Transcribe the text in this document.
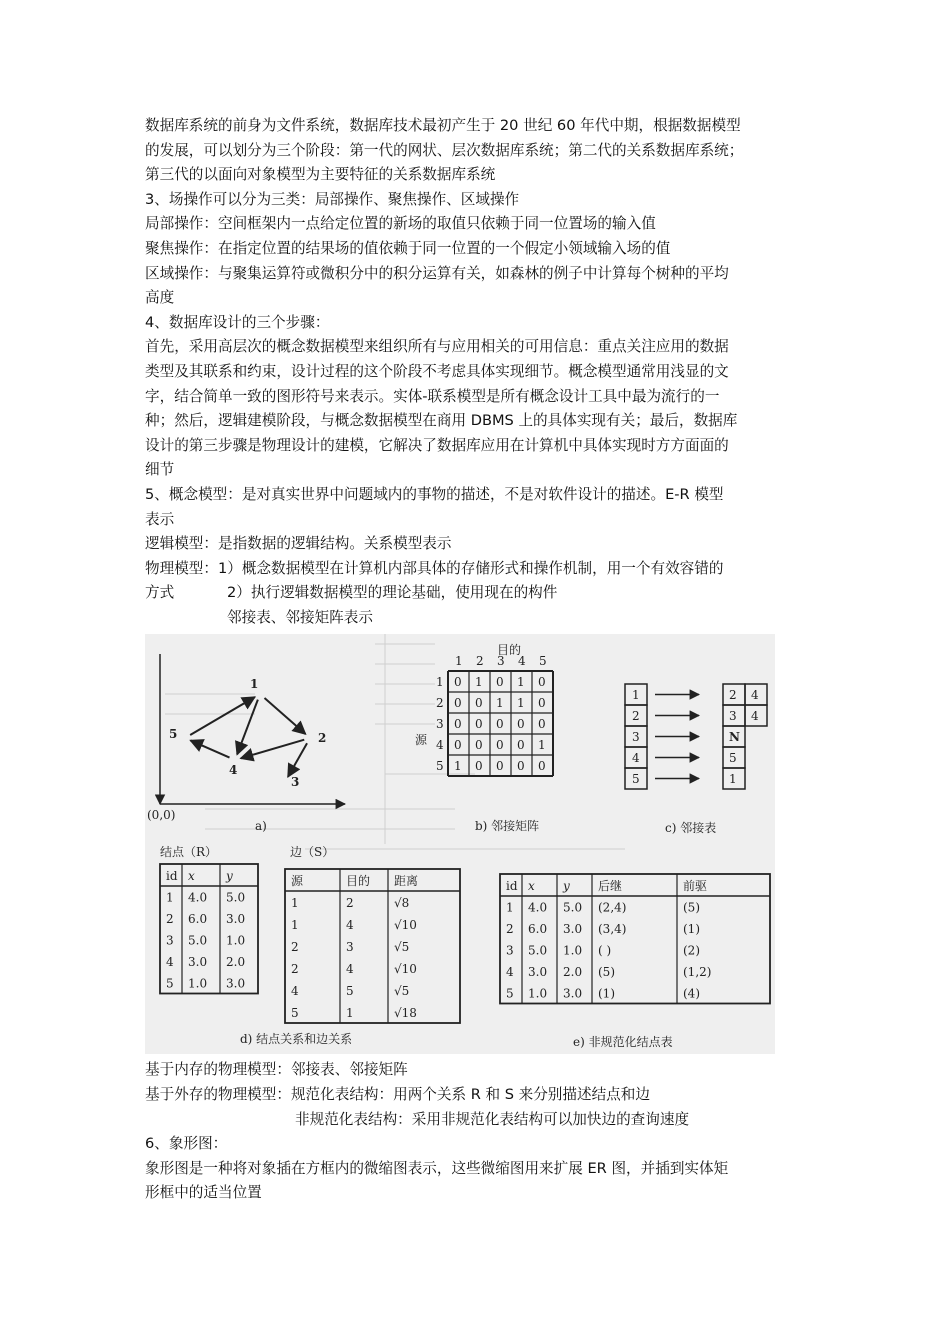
数据库系统的前身为文件系统，数据库技术最初产生于 20 世纪 60 年代中期，根据数据模型
的发展，可以划分为三个阶段：第一代的网状、层次数据库系统；第二代的关系数据库系统；
第三代的以面向对象模型为主要特征的关系数据库系统
3、场操作可以分为三类：局部操作、聚焦操作、区域操作
局部操作：空间框架内一点给定位置的新场的取值只依赖于同一位置场的输入值
聚焦操作：在指定位置的结果场的值依赖于同一位置的一个假定小领域输入场的值
区域操作：与聚集运算符或微积分中的积分运算有关，如森林的例子中计算每个树种的平均
高度
4、数据库设计的三个步骤：
首先，采用高层次的概念数据模型来组织所有与应用相关的可用信息：重点关注应用的数据
类型及其联系和约束，设计过程的这个阶段不考虑具体实现细节。概念模型通常用浅显的文
字，结合简单一致的图形符号来表示。实体-联系模型是所有概念设计工具中最为流行的一
种；然后，逻辑建模阶段，与概念数据模型在商用 DBMS 上的具体实现有关；最后，数据库
设计的第三步骤是物理设计的建模，它解决了数据库应用在计算机中具体实现时方方面面的
细节
5、概念模型：是对真实世界中问题域内的事物的描述，不是对软件设计的描述。E-R 模型
表示
逻辑模型：是指数据的逻辑结构。关系模型表示
物理模型：1）概念数据模型在计算机内部具体的存储形式和操作机制，用一个有效容错的
方式	2）执行逻辑数据模型的理论基础，使用现在的构件
邻接表、邻接矩阵表示
(0,0)
a)
1
2
3
4
5
目的
源
1 2 3 4 5
1
2
3
4
5
0 1 0 1 0
0 0 1 1 0
0 0 0 0 0
0 0 0 0 1
1 0 0 0 0
b) 邻接矩阵
1	2 4
2	3 4
3	N
4	5
5	1
c) 邻接表
结点（R）
id x	y
1 4.0 5.0
2 6.0 3.0
3 5.0 1.0
4 3.0 2.0
5 1.0 3.0
边（S）
源	目的 距离
1	2	√8
1	4	√10
2	3	√5
2	4	√10
4	5	√5
5	1	√18
d) 结点关系和边关系
id x y 后继	前驱
1 4.0 5.0 (2,4)	(5)
2 6.0 3.0 (3,4)	(1)
3 5.0 1.0 ( )	(2)
4 3.0 2.0 (5)	(1,2)
5 1.0 3.0 (1)	(4)
e) 非规范化结点表
基于内存的物理模型：邻接表、邻接矩阵
基于外存的物理模型：规范化表结构：用两个关系 R 和 S 来分别描述结点和边
非规范化表结构：采用非规范化表结构可以加快边的查询速度
6、象形图：
象形图是一种将对象插在方框内的微缩图表示，这些微缩图用来扩展 ER 图，并插到实体矩
形框中的适当位置
